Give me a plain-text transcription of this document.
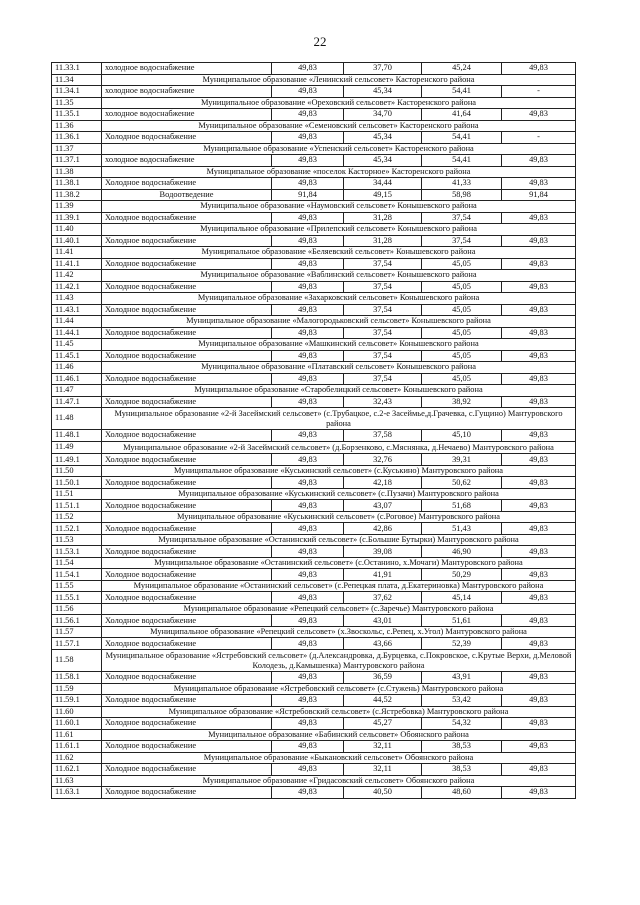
22
11.33.1	холодное водоснабжение	49,83	37,70	45,24	49,83
11.34	Муниципальное образование «Ленинский сельсовет» Касторенского района				
11.34.1	холодное водоснабжение	49,83	45,34	54,41	-
11.35	Муниципальное образование «Ореховский сельсовет» Касторенского района				
11.35.1	холодное водоснабжение	49,83	34,70	41,64	49,83
11.36	Муниципальное образование «Семеновский сельсовет» Касторенского района				
11.36.1	Холодное водоснабжение	49,83	45,34	54,41	-
11.37	Муниципальное образование «Успенский сельсовет» Касторенского района				
11.37.1	холодное водоснабжение	49,83	45,34	54,41	49,83
11.38	Муниципальное образование «поселок Касторное» Касторенского района				
11.38.1	Холодное водоснабжение	49,83	34,44	41,33	49,83
11.38.2	Водоотведение	91,84	49,15	58,98	91,84
11.39	Муниципальное образование «Наумовский сельсовет» Конышевского района				
11.39.1	Холодное водоснабжение	49,83	31,28	37,54	49,83
11.40	Муниципальное образование «Прилепский сельсовет» Конышевского района				
11.40.1	Холодное водоснабжение	49,83	31,28	37,54	49,83
11.41	Муниципальное образование «Беляевский сельсовет» Конышевского района				
11.41.1	Холодное водоснабжение	49,83	37,54	45,05	49,83
11.42	Муниципальное образование «Ваблинский сельсовет» Конышевского района				
11.42.1	Холодное водоснабжение	49,83	37,54	45,05	49,83
11.43	Муниципальное образование «Захарковский сельсовет» Конышевского района				
11.43.1	Холодное водоснабжение	49,83	37,54	45,05	49,83
11.44	Муниципальное образование «Малогородьковский сельсовет» Конышевского района				
11.44.1	Холодное водоснабжение	49,83	37,54	45,05	49,83
11.45	Муниципальное образование «Машкинский сельсовет» Конышевского района				
11.45.1	Холодное водоснабжение	49,83	37,54	45,05	49,83
11.46	Муниципальное образование «Платавский сельсовет» Конышевского района				
11.46.1	Холодное водоснабжение	49,83	37,54	45,05	49,83
11.47	Муниципальное образование «Старобелицкий сельсовет» Конышевского района				
11.47.1	Холодное водоснабжение	49,83	32,43	38,92	49,83
11.48	Муниципальное образование «2-й Засеймский сельсовет» (с.Трубацкое, с.2-е Засеймье,д.Грачевка, с.Гущино) Мантуровского района				
11.48.1	Холодное водоснабжение	49,83	37,58	45,10	49,83
11.49	Муниципальное образование «2-й Засеймский сельсовет» (д.Борзенково, с.Мяснянка, д.Нечаево) Мантуровского района				
11.49.1	Холодное водоснабжение	49,83	32,76	39,31	49,83
11.50	Муниципальное образование «Куськинский сельсовет» (с.Куськино) Мантуровского района				
11.50.1	Холодное водоснабжение	49,83	42,18	50,62	49,83
11.51	Муниципальное образование «Куськинский сельсовет» (с.Пузачи) Мантуровского района				
11.51.1	Холодное водоснабжение	49,83	43,07	51,68	49,83
11.52	Муниципальное образование «Куськинский сельсовет» (с.Роговое) Мантуровского района				
11.52.1	Холодное водоснабжение	49,83	42,86	51,43	49,83
11.53	Муниципальное образование «Останинский сельсовет» (с.Большие Бутырки) Мантуровского района				
11.53.1	Холодное водоснабжение	49,83	39,08	46,90	49,83
11.54	Муниципальное образование «Останинский сельсовет» (с.Останино, х.Мочаги) Мантуровского района				
11.54.1	Холодное водоснабжение	49,83	41,91	50,29	49,83
11.55	Муниципальное образование «Останинский сельсовет» (с.Репецкая плата, д.Екатериновка) Мантуровского района				
11.55.1	Холодное водоснабжение	49,83	37,62	45,14	49,83
11.56	Муниципальное образование «Репецкий сельсовет» (с.Заречье) Мантуровского района				
11.56.1	Холодное водоснабжение	49,83	43,01	51,61	49,83
11.57	Муниципальное образование «Репецкий сельсовет» (х.Звоскольс, с.Репец, х.Угол) Мантуровского района				
11.57.1	Холодное водоснабжение	49,83	43,66	52,39	49,83
11.58	Муниципальное образование «Ястребовский сельсовет» (д.Александровка, д.Бурцевка, с.Покровское, с.Крутые Верхи, д.Меловой Колодезь, д.Камышенка) Мантуровского района				
11.58.1	Холодное водоснабжение	49,83	36,59	43,91	49,83
11.59	Муниципальное образование «Ястребовский сельсовет» (с.Стужень) Мантуровского района				
11.59.1	Холодное водоснабжение	49,83	44,52	53,42	49,83
11.60	Муниципальное образование «Ястребовский сельсовет» (с.Ястребовка) Мантуровского района				
11.60.1	Холодное водоснабжение	49,83	45,27	54,32	49,83
11.61	Муниципальное образование «Бабинский сельсовет» Обоянского района				
11.61.1	Холодное водоснабжение	49,83	32,11	38,53	49,83
11.62	Муниципальное образование «Быкановский сельсовет» Обоянского района				
11.62.1	Холодное водоснабжение	49,83	32,11	38,53	49,83
11.63	Муниципальное образование «Гридасовский сельсовет» Обоянского района				
11.63.1	Холодное водоснабжение	49,83	40,50	48,60	49,83
